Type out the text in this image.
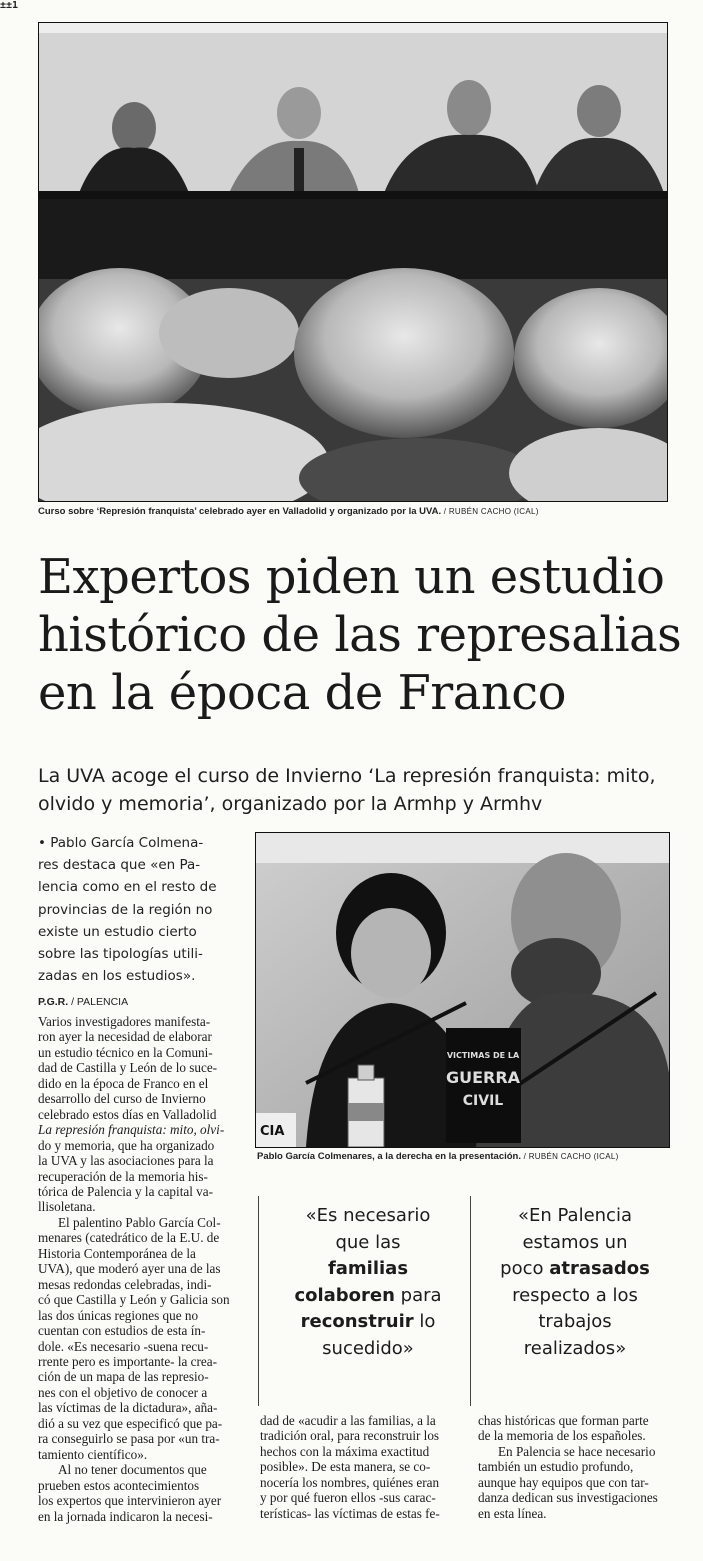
±±1
Curso sobre ‘Represión franquista’ celebrado ayer en Valladolid y organizado por la UVA. / RUBÉN CACHO (ICAL)
Expertos piden un estudio
histórico de las represalias
en la época de Franco
La UVA acoge el curso de Invierno ‘La represión franquista: mito,
olvido y memoria’, organizado por la Armhp y Armhv
• Pablo García Colmena-
res destaca que «en Pa-
lencia como en el resto de
provincias de la región no
existe un estudio cierto
sobre las tipologías utili-
zadas en los estudios».
P.G.R. / PALENCIA

Varios investigadores manifesta-

ron ayer la necesidad de elaborar

un estudio técnico en la Comuni-

dad de Castilla y León de lo suce-

dido en la época de Franco en el

desarrollo del curso de Invierno

celebrado estos días en Valladolid

La represión franquista: mito, olvi-

do y memoria, que ha organizado

la UVA y las asociaciones para la

recuperación de la memoria his-

tórica de Palencia y la capital va-

llisoletana.

El palentino Pablo García Col-

menares (catedrático de la E.U. de

Historia Contemporánea de la

UVA), que moderó ayer una de las

mesas redondas celebradas, indi-

có que Castilla y León y Galicia son

las dos únicas regiones que no

cuentan con estudios de esta ín-

dole. «Es necesario -suena recu-

rrente pero es importante- la crea-

ción de un mapa de las represio-

nes con el objetivo de conocer a

las víctimas de la dictadura», aña-

dió a su vez que especificó que pa-

ra conseguirlo se pasa por «un tra-

tamiento científico».

Al no tener documentos que

prueben estos acontecimientos

los expertos que intervinieron ayer

en la jornada indicaron la necesi-

VICTIMAS DE LA
GUERRA
CIVIL
CIA
Pablo García Colmenares, a la derecha en la presentación. / RUBÉN CACHO (ICAL)
«Es necesario
que las
familias
colaboren para
reconstruir lo
sucedido»
«En Palencia
estamos un
poco atrasados
respecto a los
trabajos
realizados»

dad de «acudir a las familias, a la

tradición oral, para reconstruir los

hechos con la máxima exactitud

posible». De esta manera, se co-

nocería los nombres, quiénes eran

y por qué fueron ellos -sus carac-

terísticas- las víctimas de estas fe-

chas históricas que forman parte

de la memoria de los españoles.

En Palencia se hace necesario

también un estudio profundo,

aunque hay equipos que con tar-

danza dedican sus investigaciones

en esta línea.
